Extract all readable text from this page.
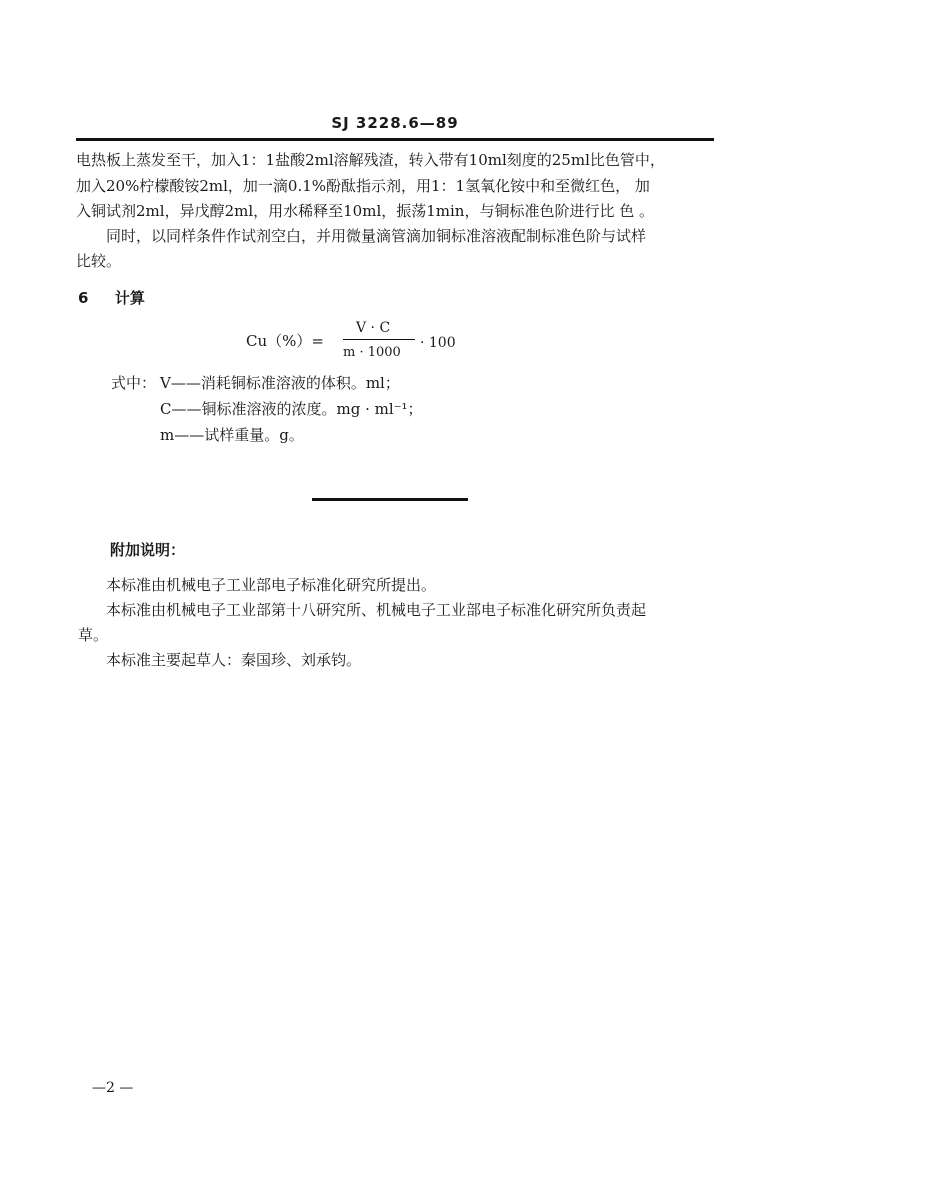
SJ 3228.6—89
电热板上蒸发至干，加入1：1盐酸2ml溶解残渣，转入带有10ml刻度的25ml比色管中，
加入20%柠檬酸铵2ml，加一滴0.1%酚酞指示剂，用1：1氢氧化铵中和至微红色， 加
入铜试剂2ml，异戊醇2ml，用水稀释至10ml，振荡1min，与铜标准色阶进行比 色 。
同时，以同样条件作试剂空白，并用微量滴管滴加铜标准溶液配制标准色阶与试样
比较。
6 计算
Cu（%）=
V · C
m · 1000
· 100
式中： V——消耗铜标准溶液的体积。ml；
C——铜标准溶液的浓度。mg · ml⁻¹；
m——试样重量。g。
附加说明：
本标准由机械电子工业部电子标准化研究所提出。
本标准由机械电子工业部第十八研究所、机械电子工业部电子标准化研究所负责起
草。
本标准主要起草人：秦国珍、刘承钧。
—2 —
